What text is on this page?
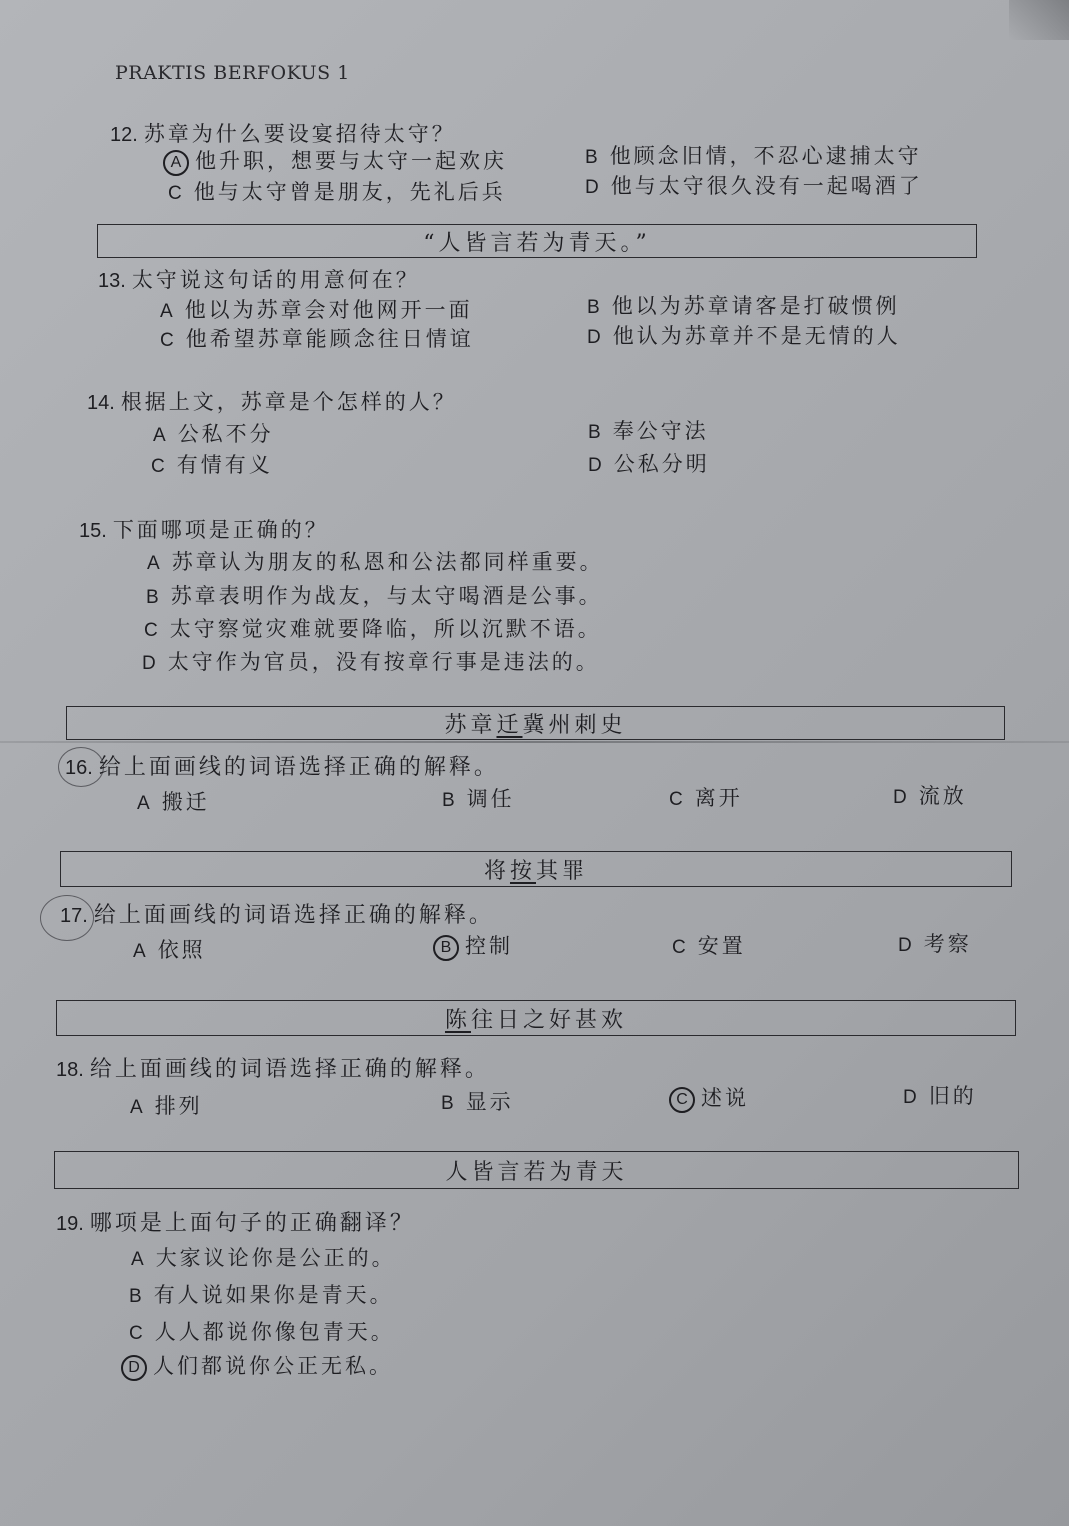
PRAKTIS BERFOKUS 1
12. 苏章为什么要设宴招待太守？
A 他升职，想要与太守一起欢庆	B 他顾念旧情，不忍心逮捕太守
C 他与太守曾是朋友，先礼后兵	D 他与太守很久没有一起喝酒了
“人皆言若为青天。”
13. 太守说这句话的用意何在？
A 他以为苏章会对他网开一面	B 他以为苏章请客是打破惯例
C 他希望苏章能顾念往日情谊	D 他认为苏章并不是无情的人
14. 根据上文，苏章是个怎样的人？
A 公私不分	B 奉公守法
C 有情有义	D 公私分明
15. 下面哪项是正确的？
A 苏章认为朋友的私恩和公法都同样重要。
B 苏章表明作为战友，与太守喝酒是公事。
C 太守察觉灾难就要降临，所以沉默不语。
D 太守作为官员，没有按章行事是违法的。
苏章 迁 冀州刺史
16. 给上面画线的词语选择正确的解释。
A 搬迁	B 调任	C 离开	D 流放
将 按 其罪
17. 给上面画线的词语选择正确的解释。
A 依照	B 控制	C 安置	D 考察
陈 往日之好甚欢
18. 给上面画线的词语选择正确的解释。
A 排列	B 显示	C 述说	D 旧的
人皆言若为青天
19. 哪项是上面句子的正确翻译？
A 大家议论你是公正的。
B 有人说如果你是青天。
C 人人都说你像包青天。
D 人们都说你公正无私。
